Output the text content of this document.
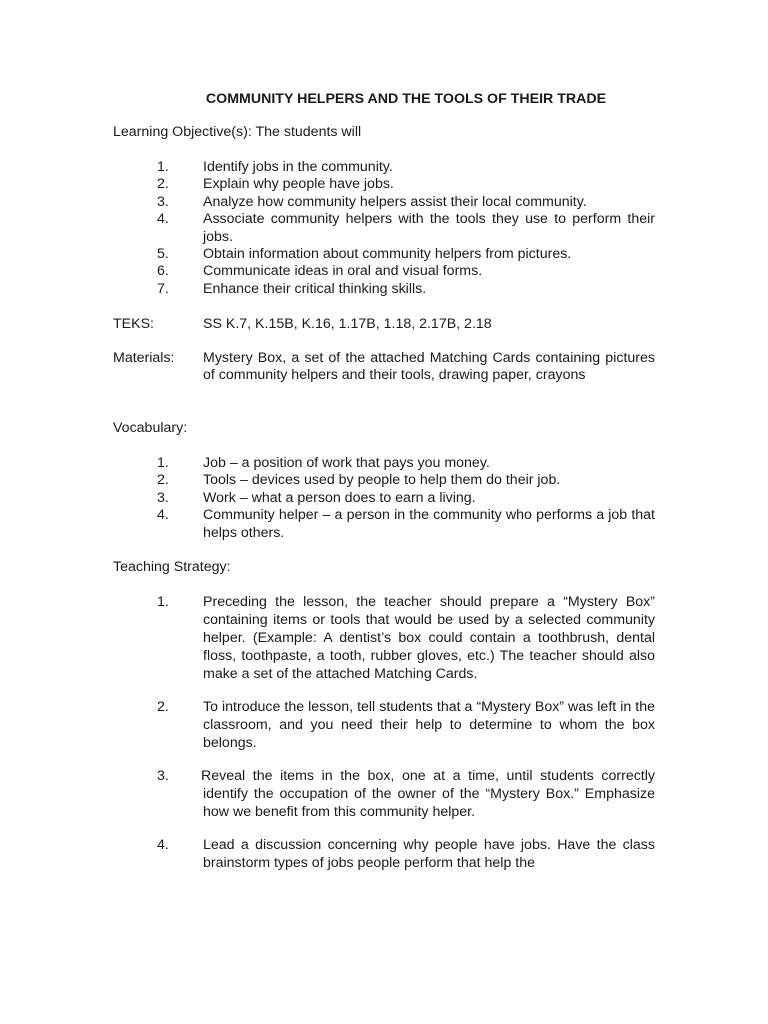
COMMUNITY HELPERS AND THE TOOLS OF THEIR TRADE
Learning Objective(s): The students will
1. Identify jobs in the community.
2. Explain why people have jobs.
3. Analyze how community helpers assist their local community.
4. Associate community helpers with the tools they use to perform their jobs.
5. Obtain information about community helpers from pictures.
6. Communicate ideas in oral and visual forms.
7. Enhance their critical thinking skills.
TEKS:	SS K.7, K.15B, K.16, 1.17B, 1.18, 2.17B, 2.18
Materials: Mystery Box, a set of the attached Matching Cards containing pictures of community helpers and their tools, drawing paper, crayons
Vocabulary:
1. Job – a position of work that pays you money.
2. Tools – devices used by people to help them do their job.
3. Work – what a person does to earn a living.
4. Community helper – a person in the community who performs a job that helps others.
Teaching Strategy:
1. Preceding the lesson, the teacher should prepare a “Mystery Box” containing items or tools that would be used by a selected community helper. (Example: A dentist’s box could contain a toothbrush, dental floss, toothpaste, a tooth, rubber gloves, etc.) The teacher should also make a set of the attached Matching Cards.
2. To introduce the lesson, tell students that a “Mystery Box” was left in the classroom, and you need their help to determine to whom the box belongs.
3. Reveal the items in the box, one at a time, until students correctly identify the occupation of the owner of the “Mystery Box.” Emphasize how we benefit from this community helper.
4. Lead a discussion concerning why people have jobs. Have the class brainstorm types of jobs people perform that help the
